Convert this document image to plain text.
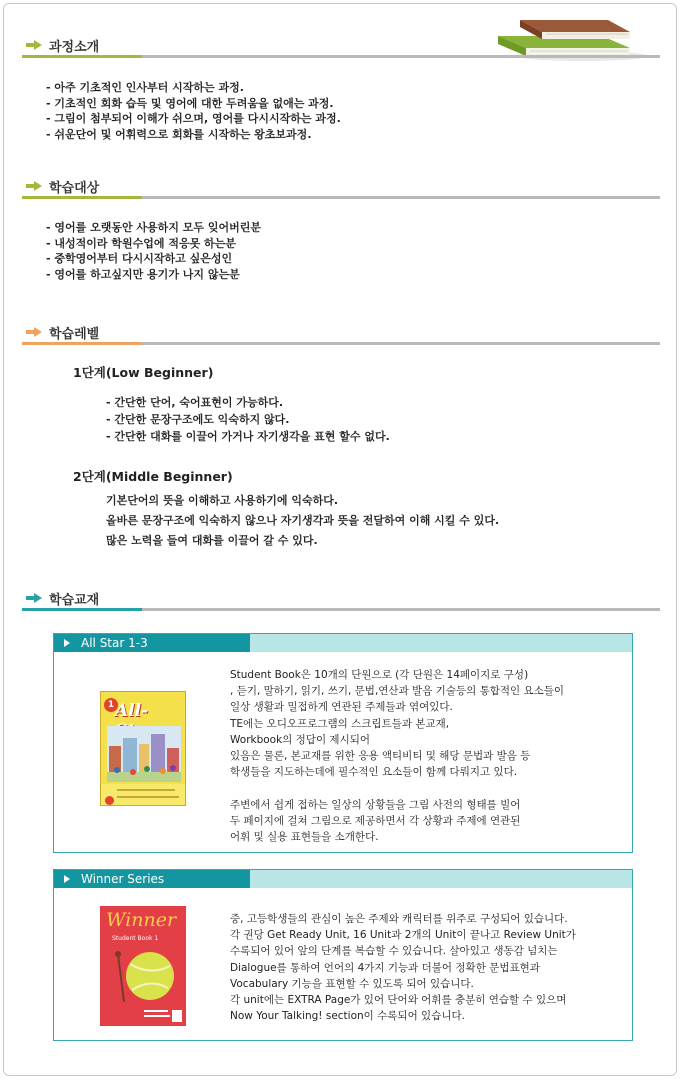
과정소개
- 아주 기초적인 인사부터 시작하는 과정.
- 기초적인 회화 습득 및 영어에 대한 두려움을 없애는 과정.
- 그림이 첨부되어 이해가 쉬으며, 영어를 다시시작하는 과정.
- 쉬운단어 및 어휘력으로 회화를 시작하는 왕초보과정.
학습대상
- 영어를 오랫동안 사용하지 모두 잊어버린분
- 내성적이라 학원수업에 적응못 하는분
- 중학영어부터 다시시작하고 싶은성인
- 영어를 하고싶지만 용기가 나지 않는분
학습레벨
1단계(Low Beginner)
- 간단한 단어, 숙어표현이 가능하다.
- 간단한 문장구조에도 익숙하지 않다.
- 간단한 대화를 이끌어 가거나 자기생각을 표현 할수 없다.
2단계(Middle Beginner)
기본단어의 뜻을 이해하고 사용하기에 익숙하다.
올바른 문장구조에 익숙하지 않으나 자기생각과 뜻을 전달하여 이해 시킬 수 있다.
많은 노력을 들여 대화를 이끌어 갈 수 있다.
학습교재
All Star 1-3
1 All-
Student Book은 10개의 단원으로 (각 단원은 14페이지로 구성)
, 듣기, 말하기, 읽기, 쓰기, 문법,연산과 발음 기술등의 통합적인 요소들이
일상 생활과 밀접하게 연관된 주제들과 엮여있다.
TE에는 오디오프로그램의 스크립트들과 본교재,
Workbook의 정답이 제시되어
있음은 물론, 본교재를 위한 응용 액티비티 및 해당 문법과 발음 등
학생들을 지도하는데에 필수적인 요소들이 함께 다뤄지고 있다.
주변에서 쉽게 접하는 일상의 상황들을 그림 사전의 형태를 빌어
두 페이지에 걸쳐 그림으로 제공하면서 각 상황과 주제에 연관된
어휘 및 실용 표현들을 소개한다.
Winner Series
Winner
Student Book 1
중, 고등학생들의 관심이 높은 주제와 캐릭터를 위주로 구성되어 있습니다.
각 권당 Get Ready Unit, 16 Unit과 2개의 Unit이 끝나고 Review Unit가
수록되어 있어 앞의 단계를 복습할 수 있습니다. 살아있고 생동감 넘치는
Dialogue를 통하여 언어의 4가지 기능과 더불어 정확한 문법표현과
Vocabulary 기능을 표현할 수 있도록 되어 있습니다.
각 unit에는 EXTRA Page가 있어 단어와 어휘를 충분히 연습할 수 있으며
Now Your Talking! section이 수록되어 있습니다.
